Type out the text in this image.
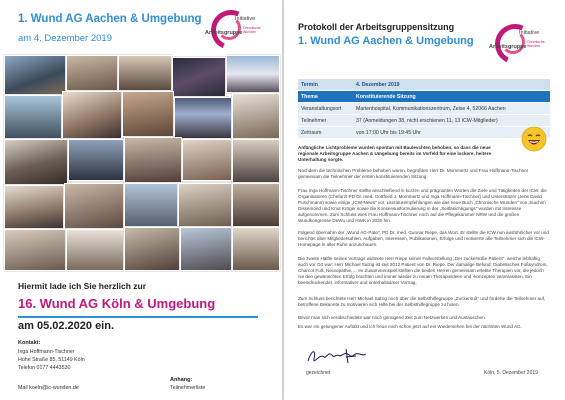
1. Wund AG Aachen & Umgebung
am 4. Dezember 2019
Initiative
Arbeitsgruppe
Chronische Wunden
Hiermit lade ich Sie herzlich zur
16. Wund AG Köln & Umgebung
am 05.02.2020 ein.
Kontakt:
Inga Hoffmann-Tischner
Hohe Straße 85, 51149 Köln
Telefon 0177 4443530
Mail koeln@ic-wunden.de
Anhang:
Teilnehmerliste
Protokoll der Arbeitsgruppensitzung
1. Wund AG Aachen & Umgebung
Initiative
Arbeitsgruppe
Chronische Wunden
Termin		4. Dezember 2019
Thema		Konstituierende Sitzung
Veranstaltungsort		Marienhospital, Kommunikationszentrum, Zeise 4, 52066 Aachen
Teilnehmer		37 (Anmeldungen 38, nicht erschienen 11, 13 ICW-Mitglieder)
Zeitraum		von 17:00 Uhr bis 19:45 Uhr
Anfängliche Lichtprobleme wurden spontan mit Baulevchten behoben, so dass die neue regionale Arbeitsgruppe Aachen & Umgebung bereits im Vorfeld für eine lockere, heitere Unterhaltung sorgte.

Nachdem die technischen Probleme behoben waren, begrüßten Herr Dr. Mommertz und Frau Hoffmann-Tischner gemeinsam die Teilnehmer der ersten konstituierenden Sitzung.

Frau Inga Hoffmann-Tischner stellte anschließend in kurzen und prägnanten Worten die Ziele und Tätigkeiten der ICW, die Organisatoren (Chefarzt PD Dr. med. Gottfried J. Mommertz und Inga Hoffmann-Tischner) und Unterstützer (Jens David Puschmann) sowie einige „ICW-News" vor. Literaturempfehlungen wie das neue Buch „Chronische Wunden" von Joachim Dissemond und Knut Kröger sowie die Konsensusformulierung in der „Seitläsichtigungs" wurden mit Interesse aufgenommen. Zum Schluss wies Frau Hoffmann-Tischner noch auf die Pflegekammer NRW und die großen Wundkongresse DeWu und HWK in 2020 hin.

Folgend übernahm der „Wund AG-Pate", PD Dr. med. Gunnar Riepe, das Wort. Er stellte die ICW nun ausführlicher vor und berichtet über Mitgliedersahlen, Aufgaben, Interessen, Publikationen, Erfolge und motivierte alle Teilnehmer sich die ICW-Homepage in aller Ruhe anzuschauen.

Die zweite Hälfte seines Vortrags widmete Herr Riepe seiner Fallvorstellung „Der zuckersüße Patient", welche lebhaftig auch vor Ort war: Herr Michael Salzig ist seit 2012 Patient von Dr. Riepe. Der damalige Befund: Diabetisches Fußsyndrom, Charcot Fuß, Neuropathie,… Im Zusammenspiel stellten die beiden Herren gemeinsam erlebte Therapien vor, die jedoch nie den gewünschten Erfolg brachten und immer wieder zu neuen Therapieideen und -konzepten veranlassten. Ein beeindruckender, informativer und unterhaltsamer Vortrag.

Zum Schluss berichtete Herr Michael Salzig noch über die Selbsthilfegruppe „Zuckersüß" und forderte die Teilnehmer auf, betroffene Bekannte zu motivieren sich Hilfe bei der Selbsthilfegruppe zu holen.

Bevor man sich verabschiedete war noch genügend Zeit zum Netzwerken und Austauschen.

Es war ein gelungener Auftakt und ich freue mich schon jetzt auf ein Wiedersehen bei der nächsten Wund AG.

gezeichnet	Köln, 5. Dezember 2019
